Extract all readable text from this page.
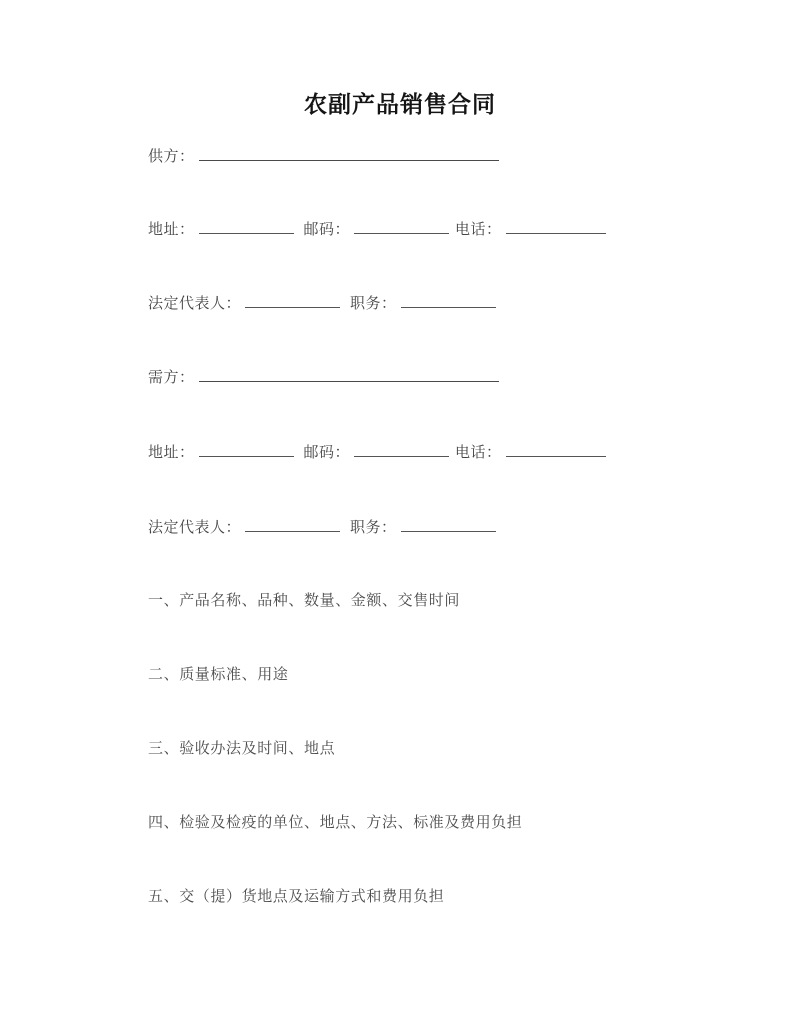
农副产品销售合同
供方：
地址：	邮码：	电话：
法定代表人：	职务：
需方：
地址：	邮码：	电话：
法定代表人：	职务：
一、产品名称、品种、数量、金额、交售时间
二、质量标准、用途
三、验收办法及时间、地点
四、检验及检疫的单位、地点、方法、标准及费用负担
五、交（提）货地点及运输方式和费用负担
